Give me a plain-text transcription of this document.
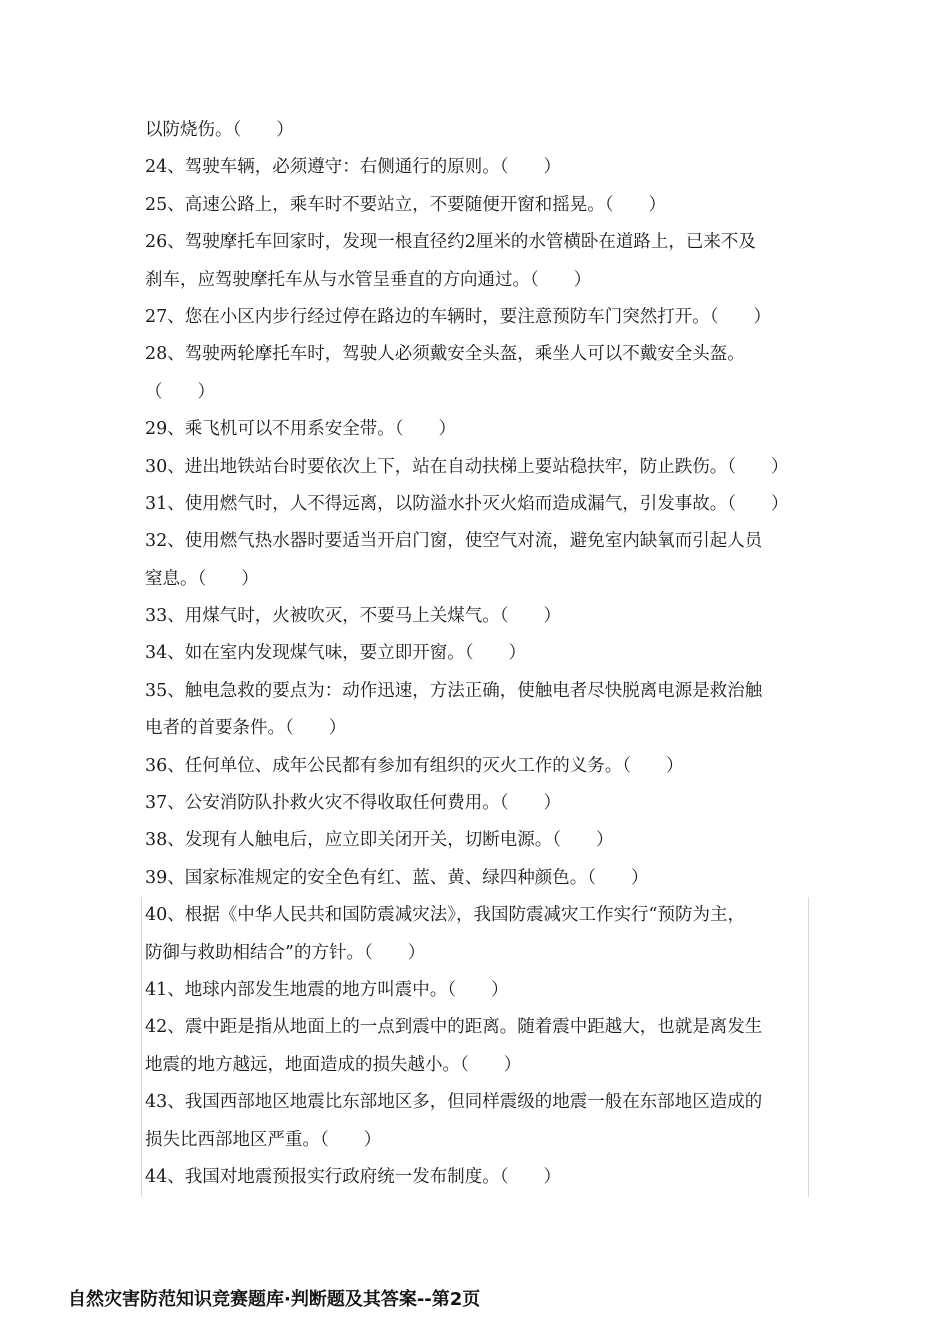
以防烧伤。（　　）
24、驾驶车辆，必须遵守：右侧通行的原则。（　　）
25、高速公路上，乘车时不要站立，不要随便开窗和摇晃。（　　）
26、驾驶摩托车回家时，发现一根直径约2厘米的水管横卧在道路上，已来不及
刹车，应驾驶摩托车从与水管呈垂直的方向通过。（　　）
27、您在小区内步行经过停在路边的车辆时，要注意预防车门突然打开。（　　）
28、驾驶两轮摩托车时，驾驶人必须戴安全头盔，乘坐人可以不戴安全头盔。
（　　）
29、乘飞机可以不用系安全带。（　　）
30、进出地铁站台时要依次上下，站在自动扶梯上要站稳扶牢，防止跌伤。（　　）
31、使用燃气时，人不得远离，以防溢水扑灭火焰而造成漏气，引发事故。（　　）
32、使用燃气热水器时要适当开启门窗，使空气对流，避免室内缺氧而引起人员
窒息。（　　）
33、用煤气时，火被吹灭，不要马上关煤气。（　　）
34、如在室内发现煤气味，要立即开窗。（　　）
35、触电急救的要点为：动作迅速，方法正确，使触电者尽快脱离电源是救治触
电者的首要条件。（　　）
36、任何单位、成年公民都有参加有组织的灭火工作的义务。（　　）
37、公安消防队扑救火灾不得收取任何费用。（　　）
38、发现有人触电后，应立即关闭开关，切断电源。（　　）
39、国家标准规定的安全色有红、蓝、黄、绿四种颜色。（　　）
40、根据《中华人民共和国防震减灾法》，我国防震减灾工作实行“预防为主，
防御与救助相结合”的方针。（　　）
41、地球内部发生地震的地方叫震中。（　　）
42、震中距是指从地面上的一点到震中的距离。随着震中距越大，也就是离发生
地震的地方越远，地面造成的损失越小。（　　）
43、我国西部地区地震比东部地区多，但同样震级的地震一般在东部地区造成的
损失比西部地区严重。（　　）
44、我国对地震预报实行政府统一发布制度。（　　）
自然灾害防范知识竞赛题库·判断题及其答案--第2页
